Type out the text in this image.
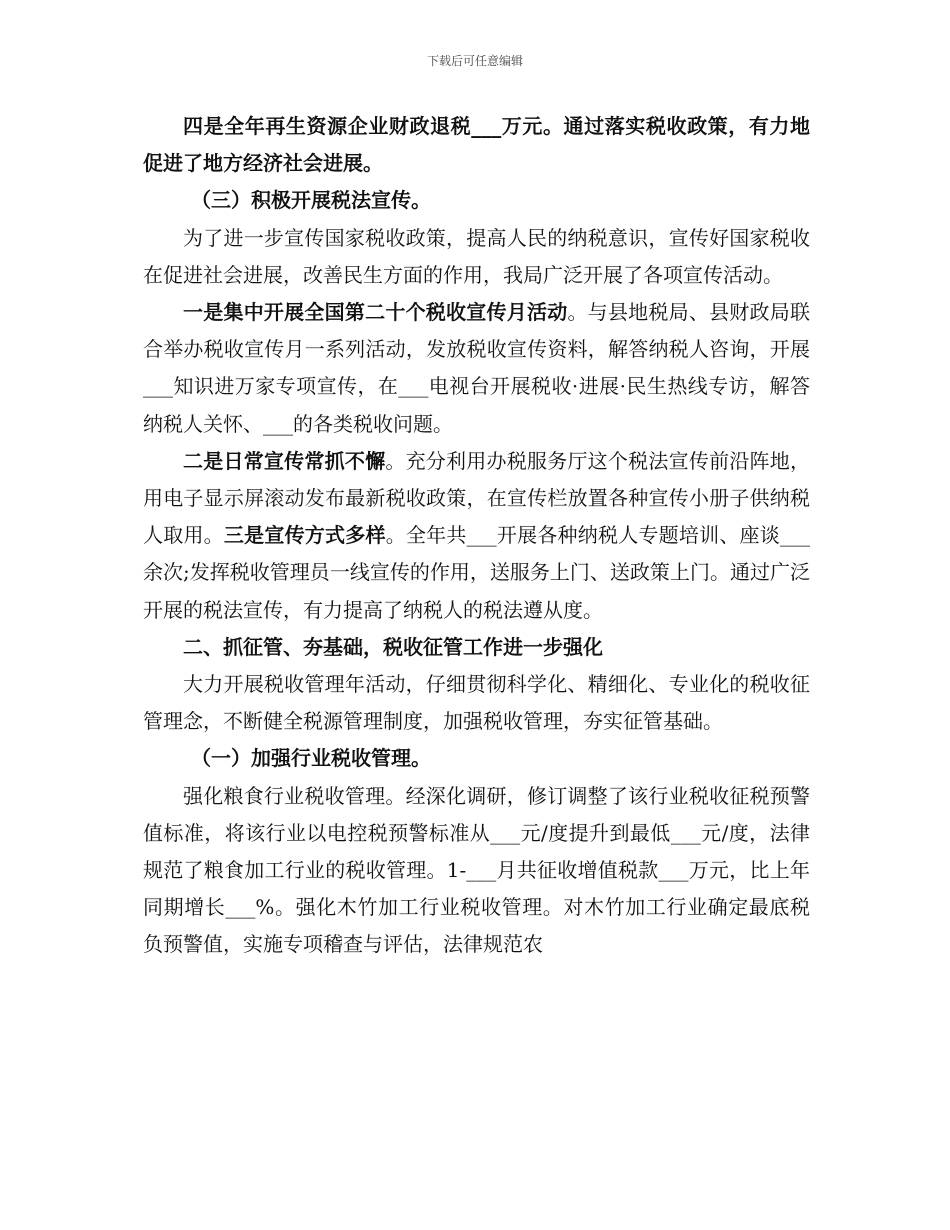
下载后可任意编辑

四是全年再生资源企业财政退税___万元。通过落实税收政策，有力地促进了地方经济社会进展。

（三）积极开展税法宣传。

为了进一步宣传国家税收政策，提高人民的纳税意识，宣传好国家税收在促进社会进展，改善民生方面的作用，我局广泛开展了各项宣传活动。

一是集中开展全国第二十个税收宣传月活动。与县地税局、县财政局联合举办税收宣传月一系列活动，发放税收宣传资料，解答纳税人咨询，开展___知识进万家专项宣传，在___电视台开展税收·进展·民生热线专访，解答纳税人关怀、___的各类税收问题。

二是日常宣传常抓不懈。充分利用办税服务厅这个税法宣传前沿阵地，用电子显示屏滚动发布最新税收政策，在宣传栏放置各种宣传小册子供纳税人取用。三是宣传方式多样。全年共___开展各种纳税人专题培训、座谈___余次;发挥税收管理员一线宣传的作用，送服务上门、送政策上门。通过广泛开展的税法宣传，有力提高了纳税人的税法遵从度。

二、抓征管、夯基础，税收征管工作进一步强化

大力开展税收管理年活动，仔细贯彻科学化、精细化、专业化的税收征管理念，不断健全税源管理制度，加强税收管理，夯实征管基础。

（一）加强行业税收管理。

强化粮食行业税收管理。经深化调研，修订调整了该行业税收征税预警值标准，将该行业以电控税预警标准从___元/度提升到最低___元/度，法律规范了粮食加工行业的税收管理。1-___月共征收增值税款___万元，比上年同期增长___%。强化木竹加工行业税收管理。对木竹加工行业确定最底税负预警值，实施专项稽查与评估，法律规范农
